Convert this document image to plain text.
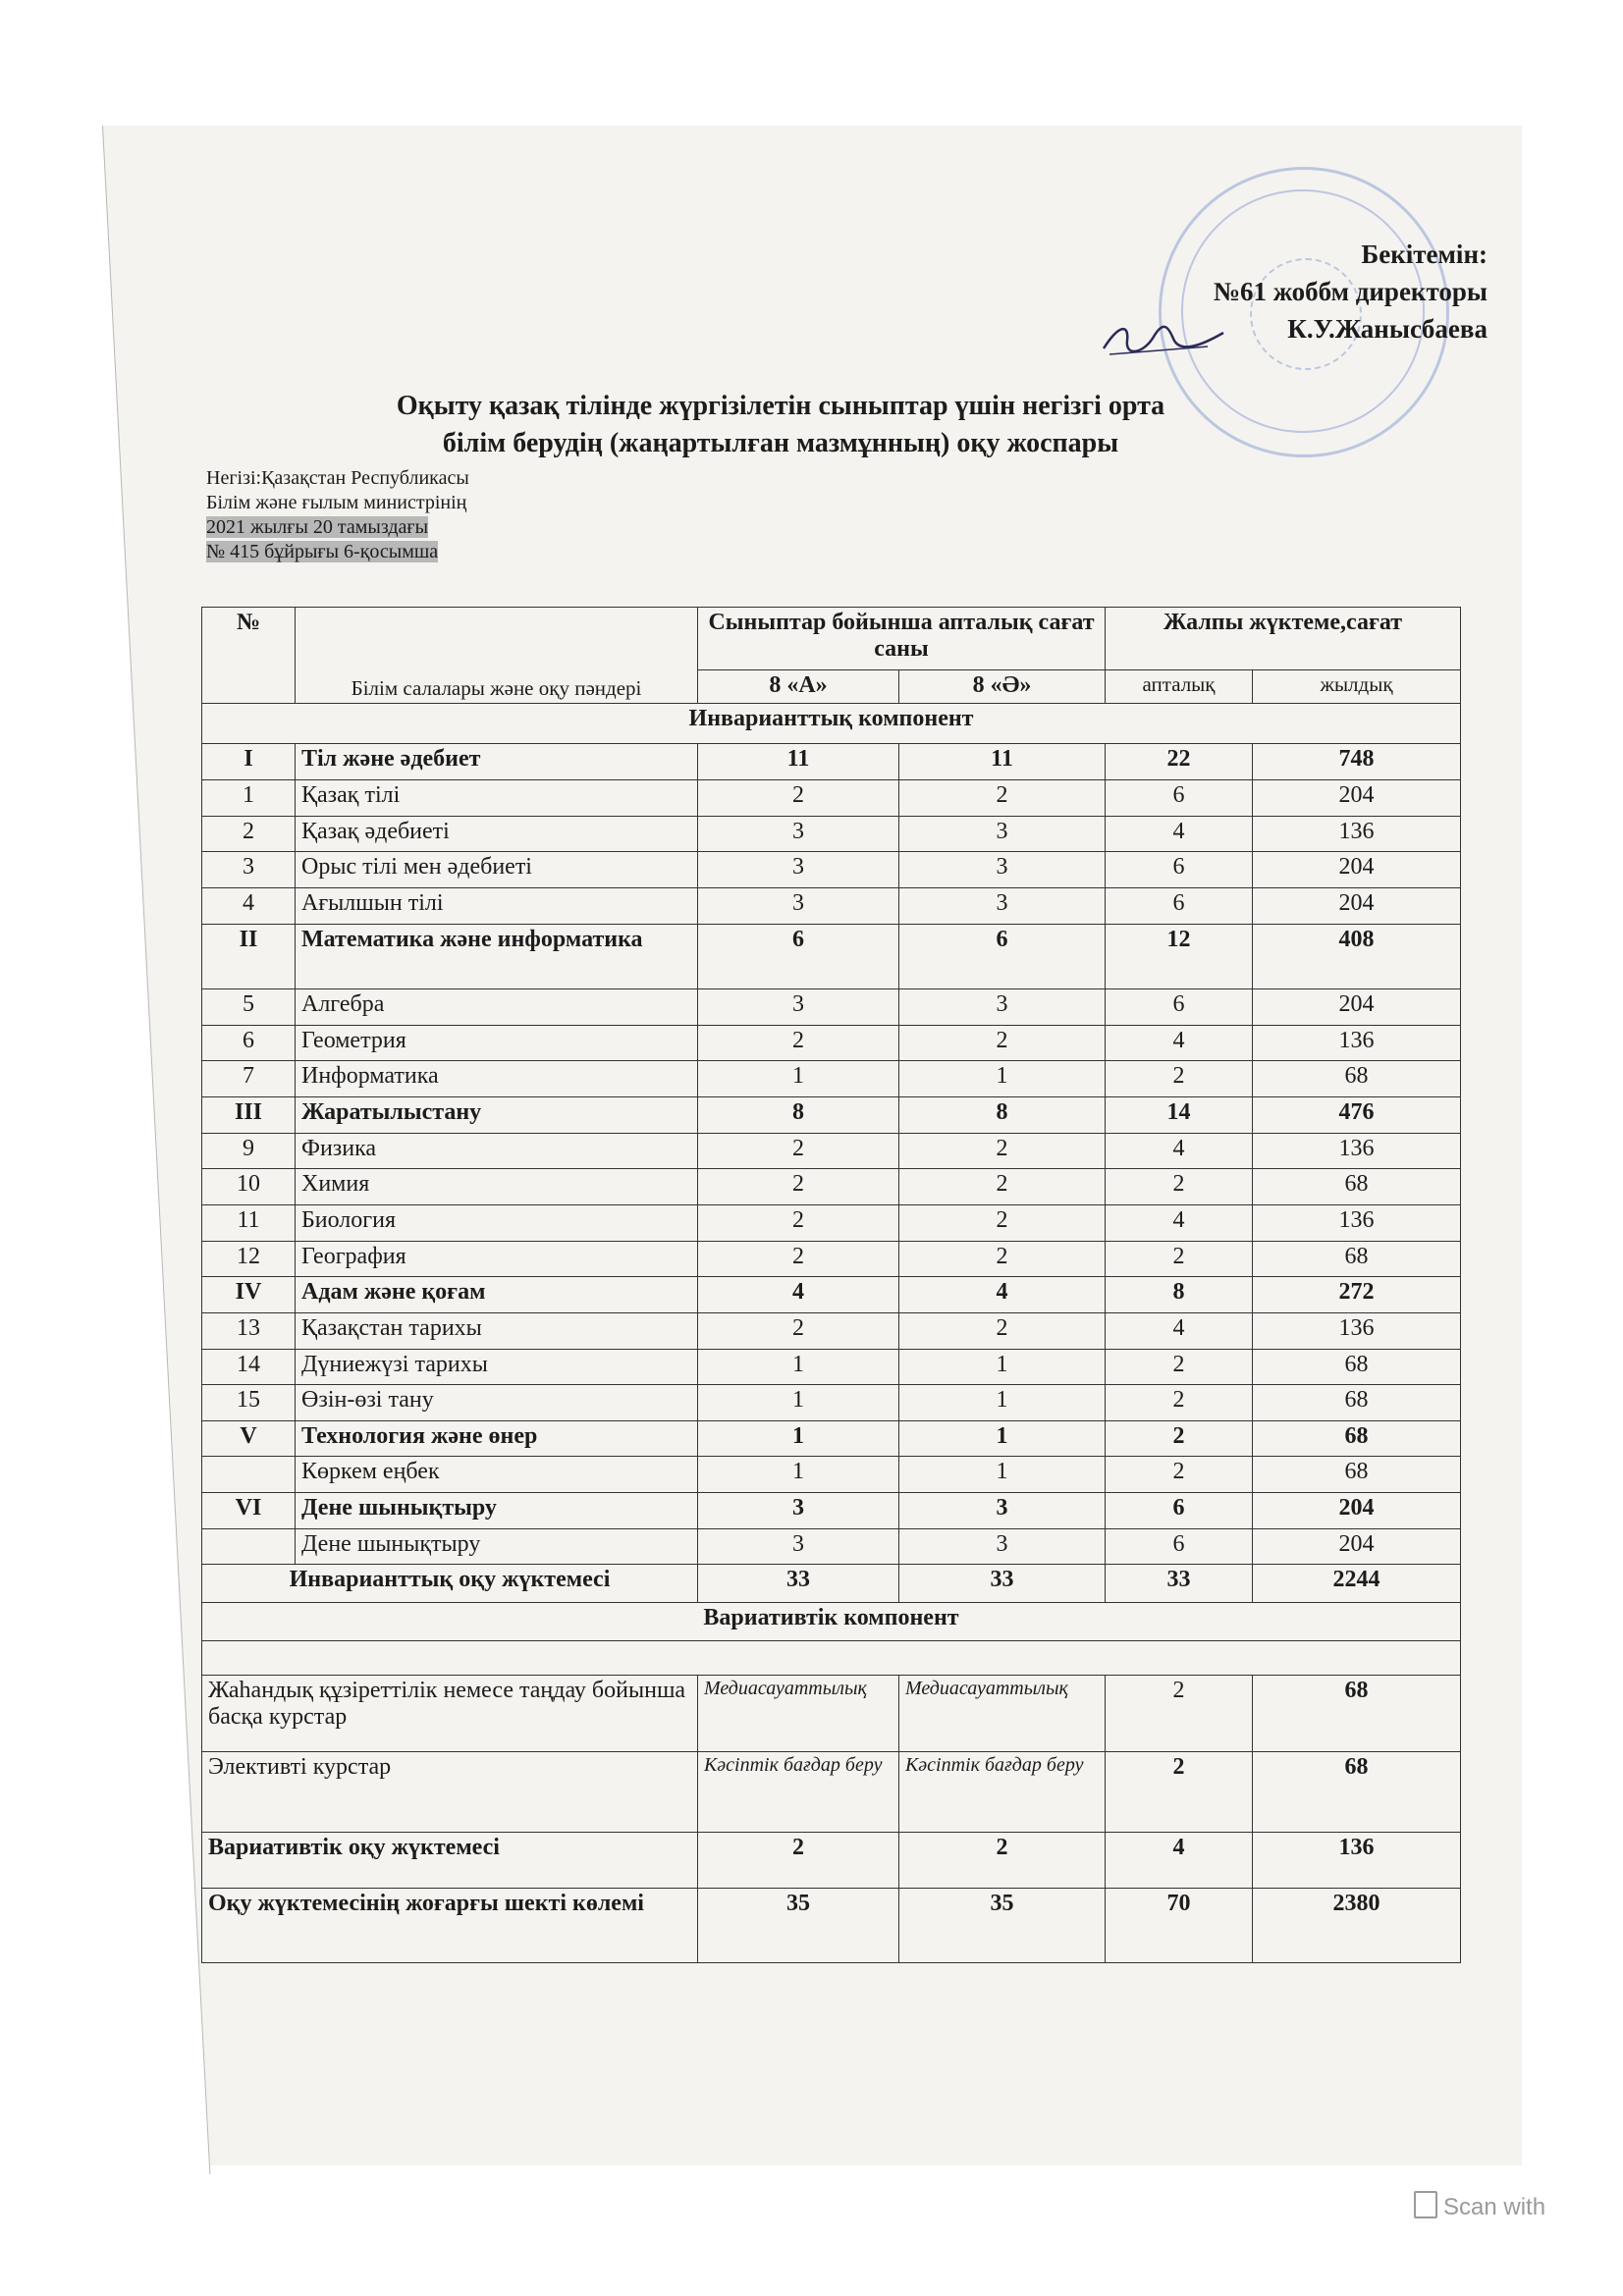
Бекітемін:
№61 жоббм директоры
К.У.Жаныcбаева
Оқыту қазақ тілінде жүргізілетін сыныптар үшін негізгі орта
білім берудің (жаңартылған мазмұнның) оқу жоспары
Негізі:Қазақстан Республикасы
Білім және ғылым министрінің
2021 жылғы 20 тамыздағы
№ 415 бұйрығы 6-қосымша
№	Білім салалары және оқу пәндері	Сыныптар бойынша апталық сағат саны		Жалпы жүктеме,сағат	
		8 «А»	8 «Ә»	апталық	жылдық
Инварианттық компонент					
I	Тіл және әдебиет	11	11	22	748
1	Қазақ тілі	2	2	6	204
2	Қазақ әдебиеті	3	3	4	136
3	Орыс тілі мен әдебиеті	3	3	6	204
4	Ағылшын тілі	3	3	6	204
II	Математика және информатика	6	6	12	408
5	Алгебра	3	3	6	204
6	Геометрия	2	2	4	136
7	Информатика	1	1	2	68
III	Жаратылыстану	8	8	14	476
9	Физика	2	2	4	136
10	Химия	2	2	2	68
11	Биология	2	2	4	136
12	География	2	2	2	68
IV	Адам және қоғам	4	4	8	272
13	Қазақстан тарихы	2	2	4	136
14	Дүниежүзі тарихы	1	1	2	68
15	Өзін-өзі тану	1	1	2	68
V	Технология және өнер	1	1	2	68
	Көркем еңбек	1	1	2	68
VI	Дене шынықтыру	3	3	6	204
	Дене шынықтыру	3	3	6	204
Инварианттық оқу жүктемесі		33	33	33	2244
Вариативтік компонент					

Жаһандық құзіреттілік немесе таңдау бойынша басқа курстар		Медиасауаттылық	Медиасауаттылық	2	68
Элективті курстар		Кәсіптік бағдар беру	Кәсіптік бағдар беру	2	68
Вариативтік оқу жүктемесі		2	2	4	136
Оқу жүктемесінің жоғарғы шекті көлемі		35	35	70	2380
Scan with
